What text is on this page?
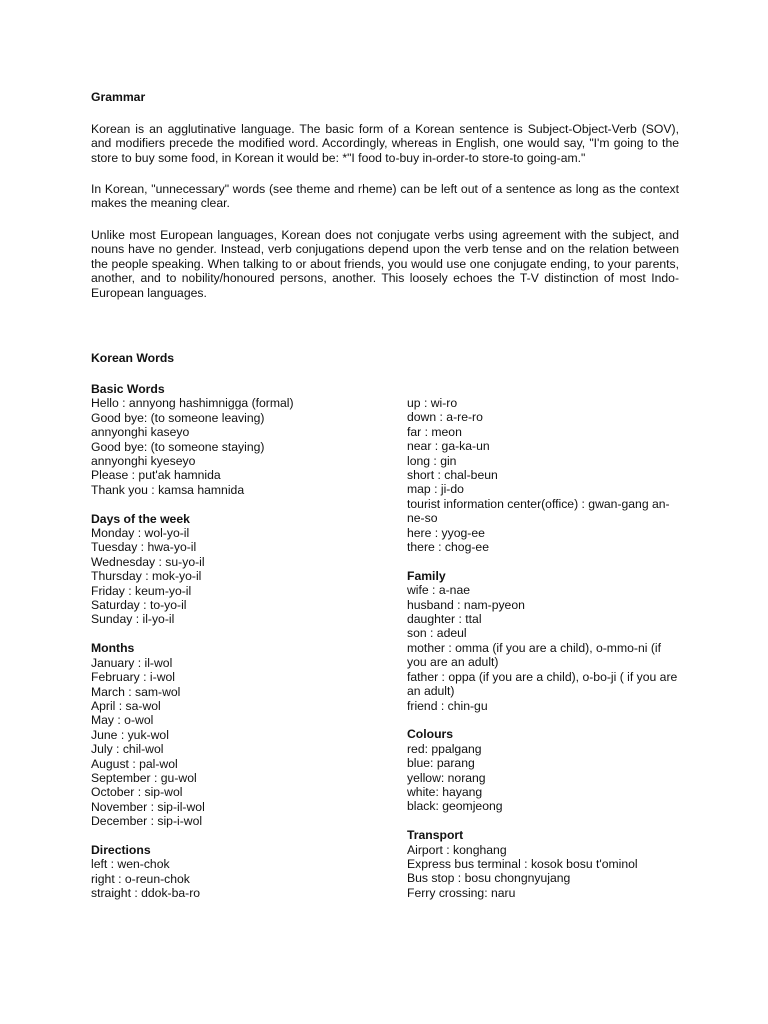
Grammar

Korean is an agglutinative language. The basic form of a Korean sentence is Subject-Object-Verb (SOV), and modifiers precede the modified word. Accordingly, whereas in English, one would say, "I'm going to the store to buy some food, in Korean it would be: *"I food to-buy in-order-to store-to going-am."

In Korean, "unnecessary" words (see theme and rheme) can be left out of a sentence as long as the context makes the meaning clear.

Unlike most European languages, Korean does not conjugate verbs using agreement with the subject, and nouns have no gender. Instead, verb conjugations depend upon the verb tense and on the relation between the people speaking. When talking to or about friends, you would use one conjugate ending, to your parents, another, and to nobility/honoured persons, another. This loosely echoes the T-V distinction of most Indo-European languages.

Korean Words
Basic Words
Hello : annyong hashimnigga (formal)
Good bye: (to someone leaving) annyonghi kaseyo
Good bye: (to someone staying) annyonghi kyeseyo
Please : put'ak hamnida
Thank you : kamsa hamnida
Days of the week
Monday : wol-yo-il
Tuesday : hwa-yo-il
Wednesday : su-yo-il
Thursday : mok-yo-il
Friday : keum-yo-il
Saturday : to-yo-il
Sunday : il-yo-il
Months
January : il-wol
February : i-wol
March : sam-wol
April : sa-wol
May : o-wol
June : yuk-wol
July : chil-wol
August : pal-wol
September : gu-wol
October : sip-wol
November : sip-il-wol
December : sip-i-wol
Directions
left : wen-chok
right : o-reun-chok
straight : ddok-ba-ro
up : wi-ro
down : a-re-ro
far : meon
near : ga-ka-un
long : gin
short : chal-beun
map : ji-do
tourist information center(office) : gwan-gang an-ne-so
here : yyog-ee
there : chog-ee
Family
wife : a-nae
husband : nam-pyeon
daughter : ttal
son : adeul
mother : omma (if you are a child), o-mmo-ni (if you are an adult)
father : oppa (if you are a child), o-bo-ji ( if you are an adult)
friend : chin-gu
Colours
red: ppalgang
blue: parang
yellow: norang
white: hayang
black: geomjeong
Transport
Airport : konghang
Express bus terminal : kosok bosu t'ominol
Bus stop : bosu chongnyujang
Ferry crossing: naru
